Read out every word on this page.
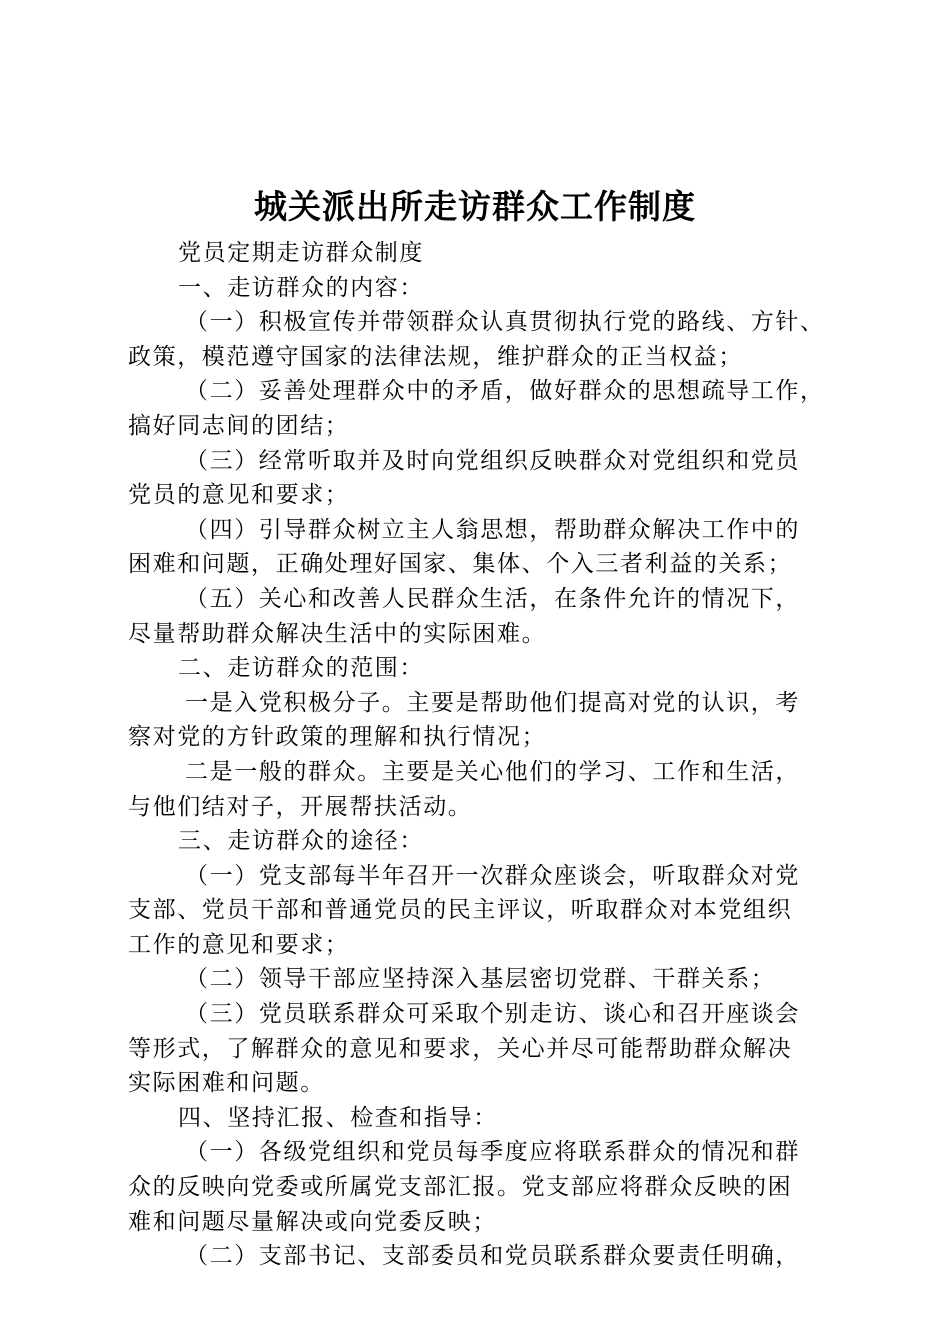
城关派出所走访群众工作制度
党员定期走访群众制度
一、走访群众的内容：
（一）积极宣传并带领群众认真贯彻执行党的路线、方针、
政策，模范遵守国家的法律法规，维护群众的正当权益；
（二）妥善处理群众中的矛盾，做好群众的思想疏导工作，
搞好同志间的团结；
（三）经常听取并及时向党组织反映群众对党组织和党员
党员的意见和要求；
（四）引导群众树立主人翁思想，帮助群众解决工作中的
困难和问题，正确处理好国家、集体、个入三者利益的关系；
（五）关心和改善人民群众生活，在条件允许的情况下，
尽量帮助群众解决生活中的实际困难。
二、走访群众的范围：
一是入党积极分子。主要是帮助他们提高对党的认识，考
察对党的方针政策的理解和执行情况；
二是一般的群众。主要是关心他们的学习、工作和生活，
与他们结对子，开展帮扶活动。
三、走访群众的途径：
（一）党支部每半年召开一次群众座谈会，听取群众对党
支部、党员干部和普通党员的民主评议，听取群众对本党组织
工作的意见和要求；
（二）领导干部应坚持深入基层密切党群、干群关系；
（三）党员联系群众可采取个别走访、谈心和召开座谈会
等形式，了解群众的意见和要求，关心并尽可能帮助群众解决
实际困难和问题。
四、坚持汇报、检查和指导：
（一）各级党组织和党员每季度应将联系群众的情况和群
众的反映向党委或所属党支部汇报。党支部应将群众反映的困
难和问题尽量解决或向党委反映；
（二）支部书记、支部委员和党员联系群众要责任明确，
